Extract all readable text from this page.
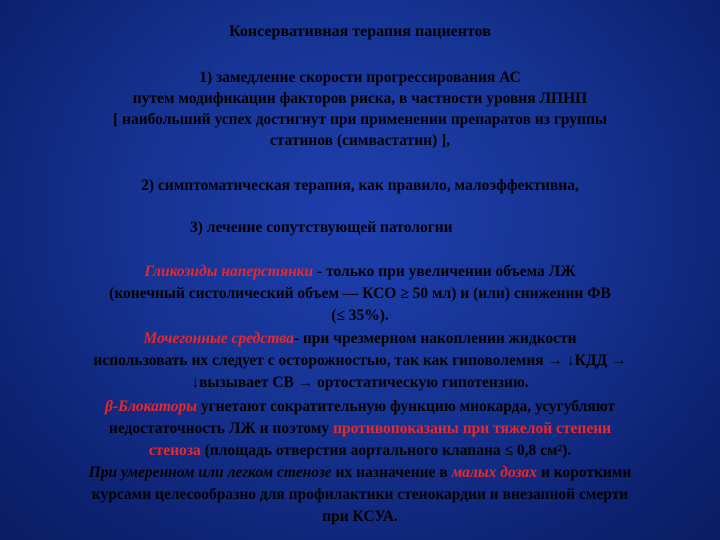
Консервативная терапия пациентов
1) замедление скорости прогрессирования АС
путем модификации факторов риска, в частности уровня ЛПНП
[ наибольший успех достигнут при применении препаратов из группы
статинов (симвастатин) ],
2) симптоматическая терапия, как правило, малоэффективна,
3) лечение сопутствующей патологии
Гликозиды наперстянки - только при увеличении объема ЛЖ
(конечный систолический объем — КСО ≥ 50 мл) и (или) снижении ФВ
(≤ 35%).
Мочегонные средства- при чрезмерном накоплении жидкости
использовать их следует с осторожностью, так как гиповолемия → ↓КДД →
↓вызывает СВ → ортостатическую гипотензию.
β-Блокаторы угнетают сократительную функцию миокарда, усугубляют
недостаточность ЛЖ и поэтому противопоказаны при тяжелой степени
стеноза (площадь отверстия аортального клапана ≤ 0,8 см²).
При умеренном или легком стенозе их назначение в малых дозах и короткими
курсами целесообразно для профилактики стенокардии и внезапной смерти
при КСУА.
